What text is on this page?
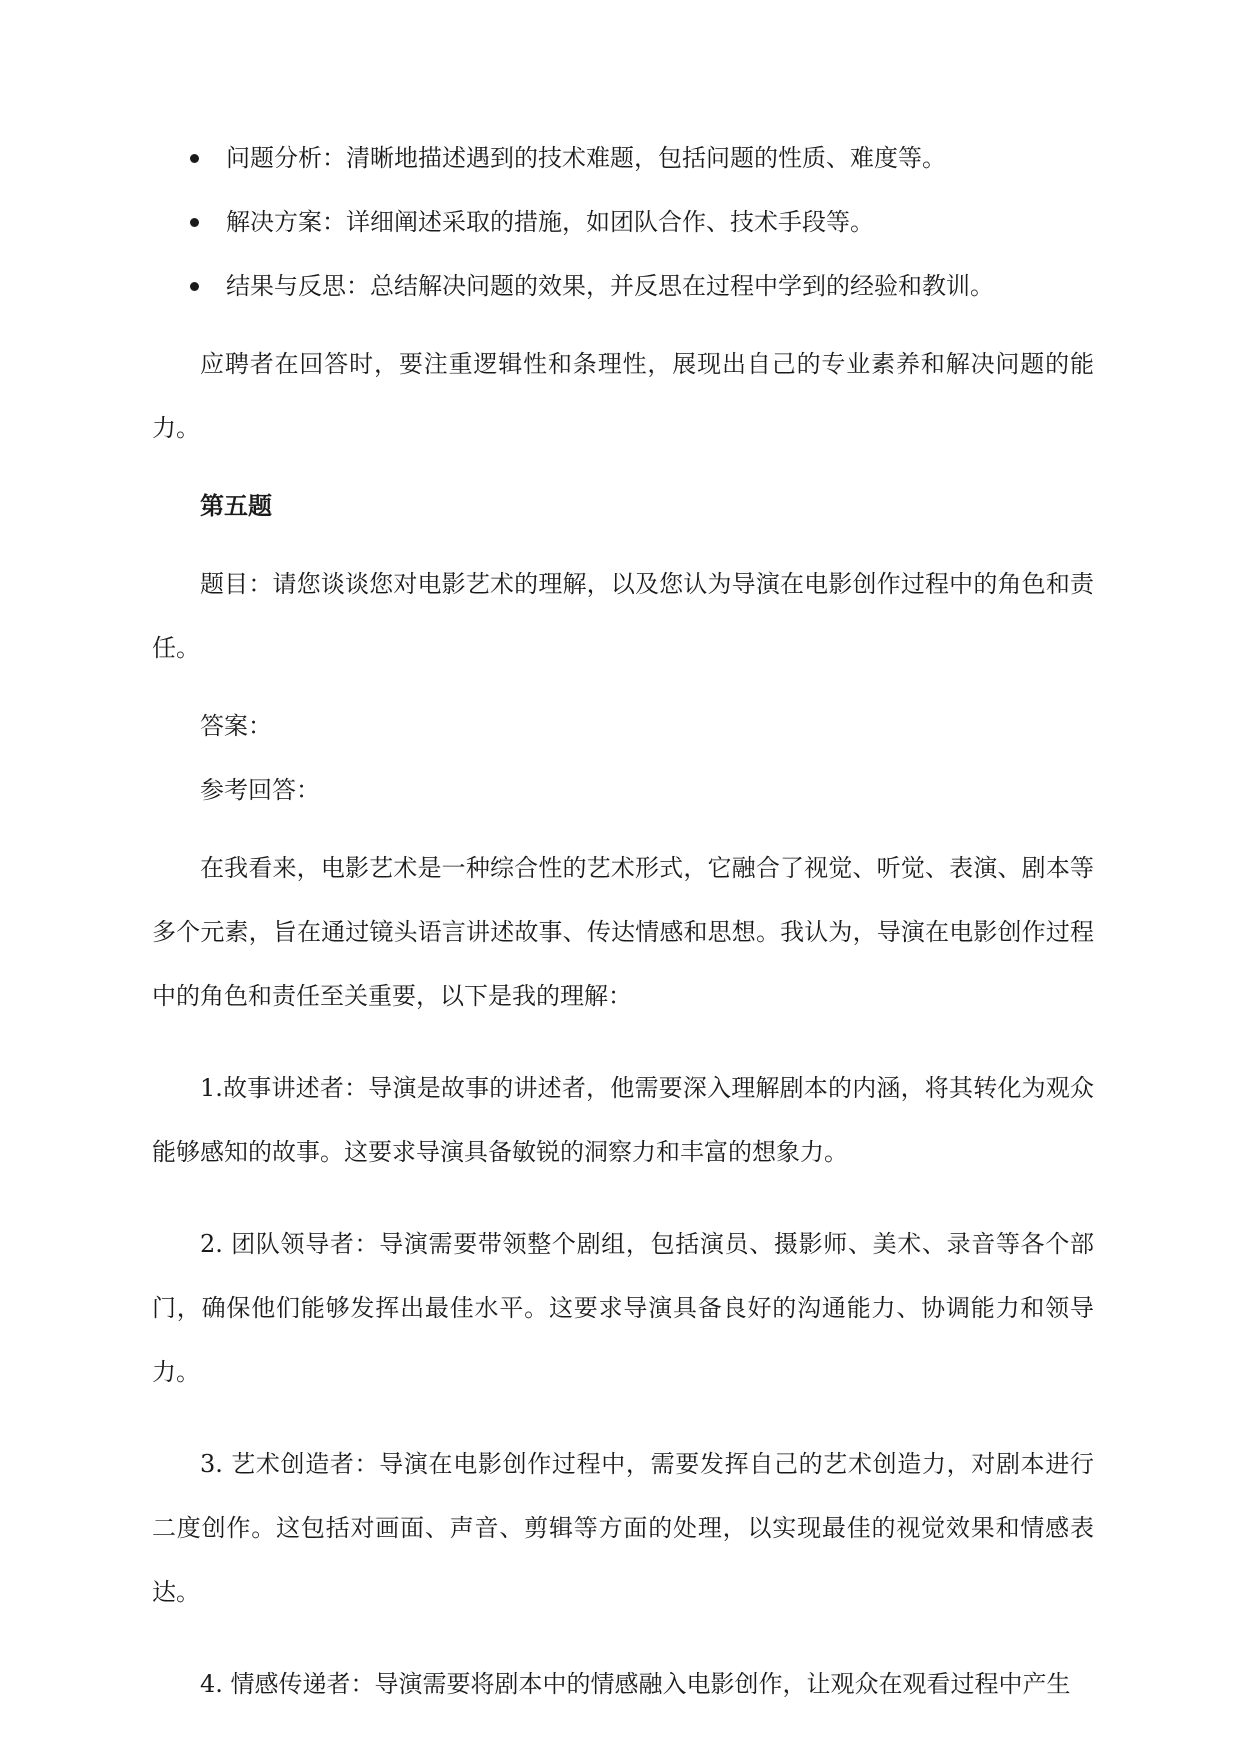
问题分析：清晰地描述遇到的技术难题，包括问题的性质、难度等。
解决方案：详细阐述采取的措施，如团队合作、技术手段等。
结果与反思：总结解决问题的效果，并反思在过程中学到的经验和教训。

应聘者在回答时，要注重逻辑性和条理性，展现出自己的专业素养和解决问题的能力。

第五题

题目：请您谈谈您对电影艺术的理解，以及您认为导演在电影创作过程中的角色和责任。

答案：

参考回答：

在我看来，电影艺术是一种综合性的艺术形式，它融合了视觉、听觉、表演、剧本等多个元素，旨在通过镜头语言讲述故事、传达情感和思想。我认为，导演在电影创作过程中的角色和责任至关重要，以下是我的理解：

1.故事讲述者：导演是故事的讲述者，他需要深入理解剧本的内涵，将其转化为观众能够感知的故事。这要求导演具备敏锐的洞察力和丰富的想象力。

2. 团队领导者：导演需要带领整个剧组，包括演员、摄影师、美术、录音等各个部门，确保他们能够发挥出最佳水平。这要求导演具备良好的沟通能力、协调能力和领导力。

3. 艺术创造者：导演在电影创作过程中，需要发挥自己的艺术创造力，对剧本进行二度创作。这包括对画面、声音、剪辑等方面的处理，以实现最佳的视觉效果和情感表达。

4. 情感传递者：导演需要将剧本中的情感融入电影创作，让观众在观看过程中产生
